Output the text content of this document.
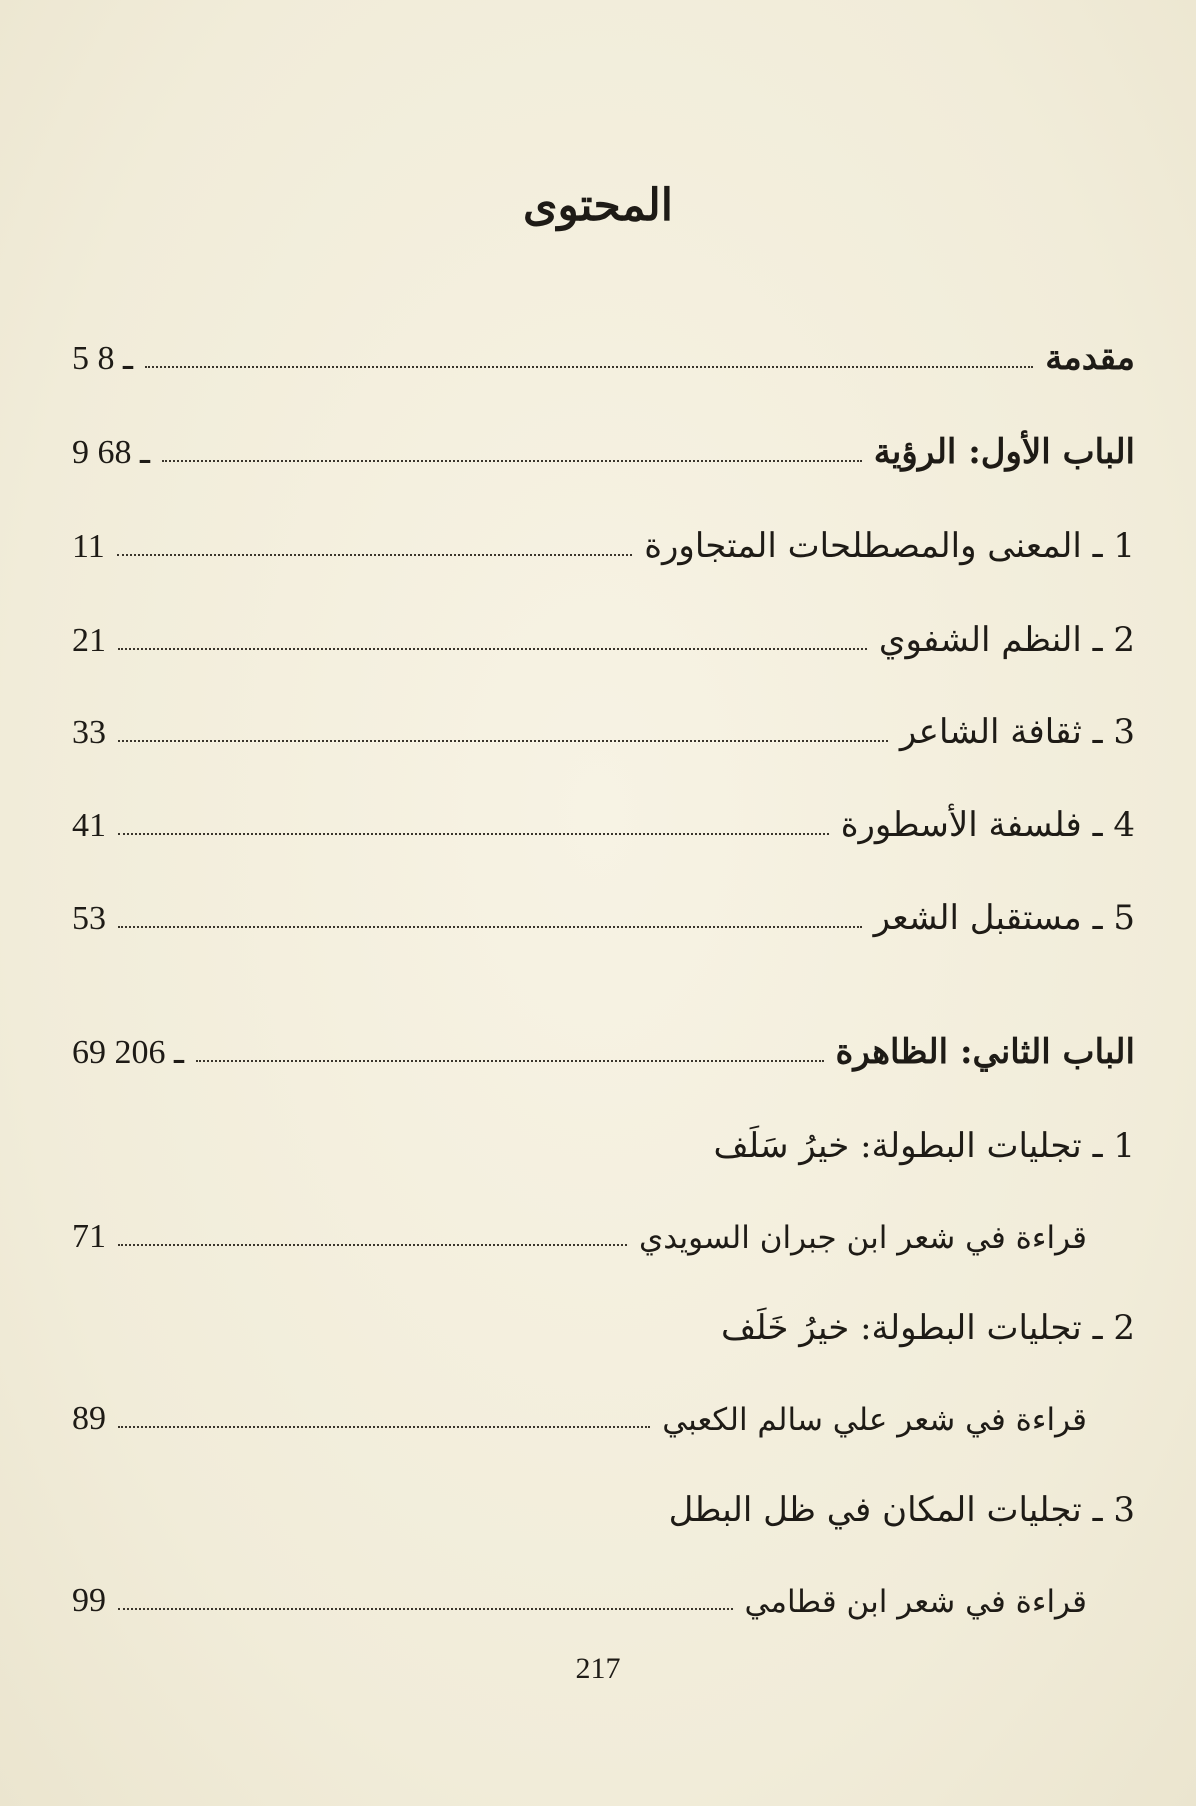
المحتوى
5 ـ 8	مقدمة
9 ـ 68	الباب الأول: الرؤية
11	1 ـ المعنى والمصطلحات المتجاورة
21	2 ـ النظم الشفوي
33	3 ـ ثقافة الشاعر
41	4 ـ فلسفة الأسطورة
53	5 ـ مستقبل الشعر
69 ـ 206	الباب الثاني: الظاهرة
1 ـ تجليات البطولة: خيرُ سَلَف
71	قراءة في شعر ابن جبران السويدي
2 ـ تجليات البطولة: خيرُ خَلَف
89	قراءة في شعر علي سالم الكعبي
3 ـ تجليات المكان في ظل البطل
99	قراءة في شعر ابن قطامي
217
